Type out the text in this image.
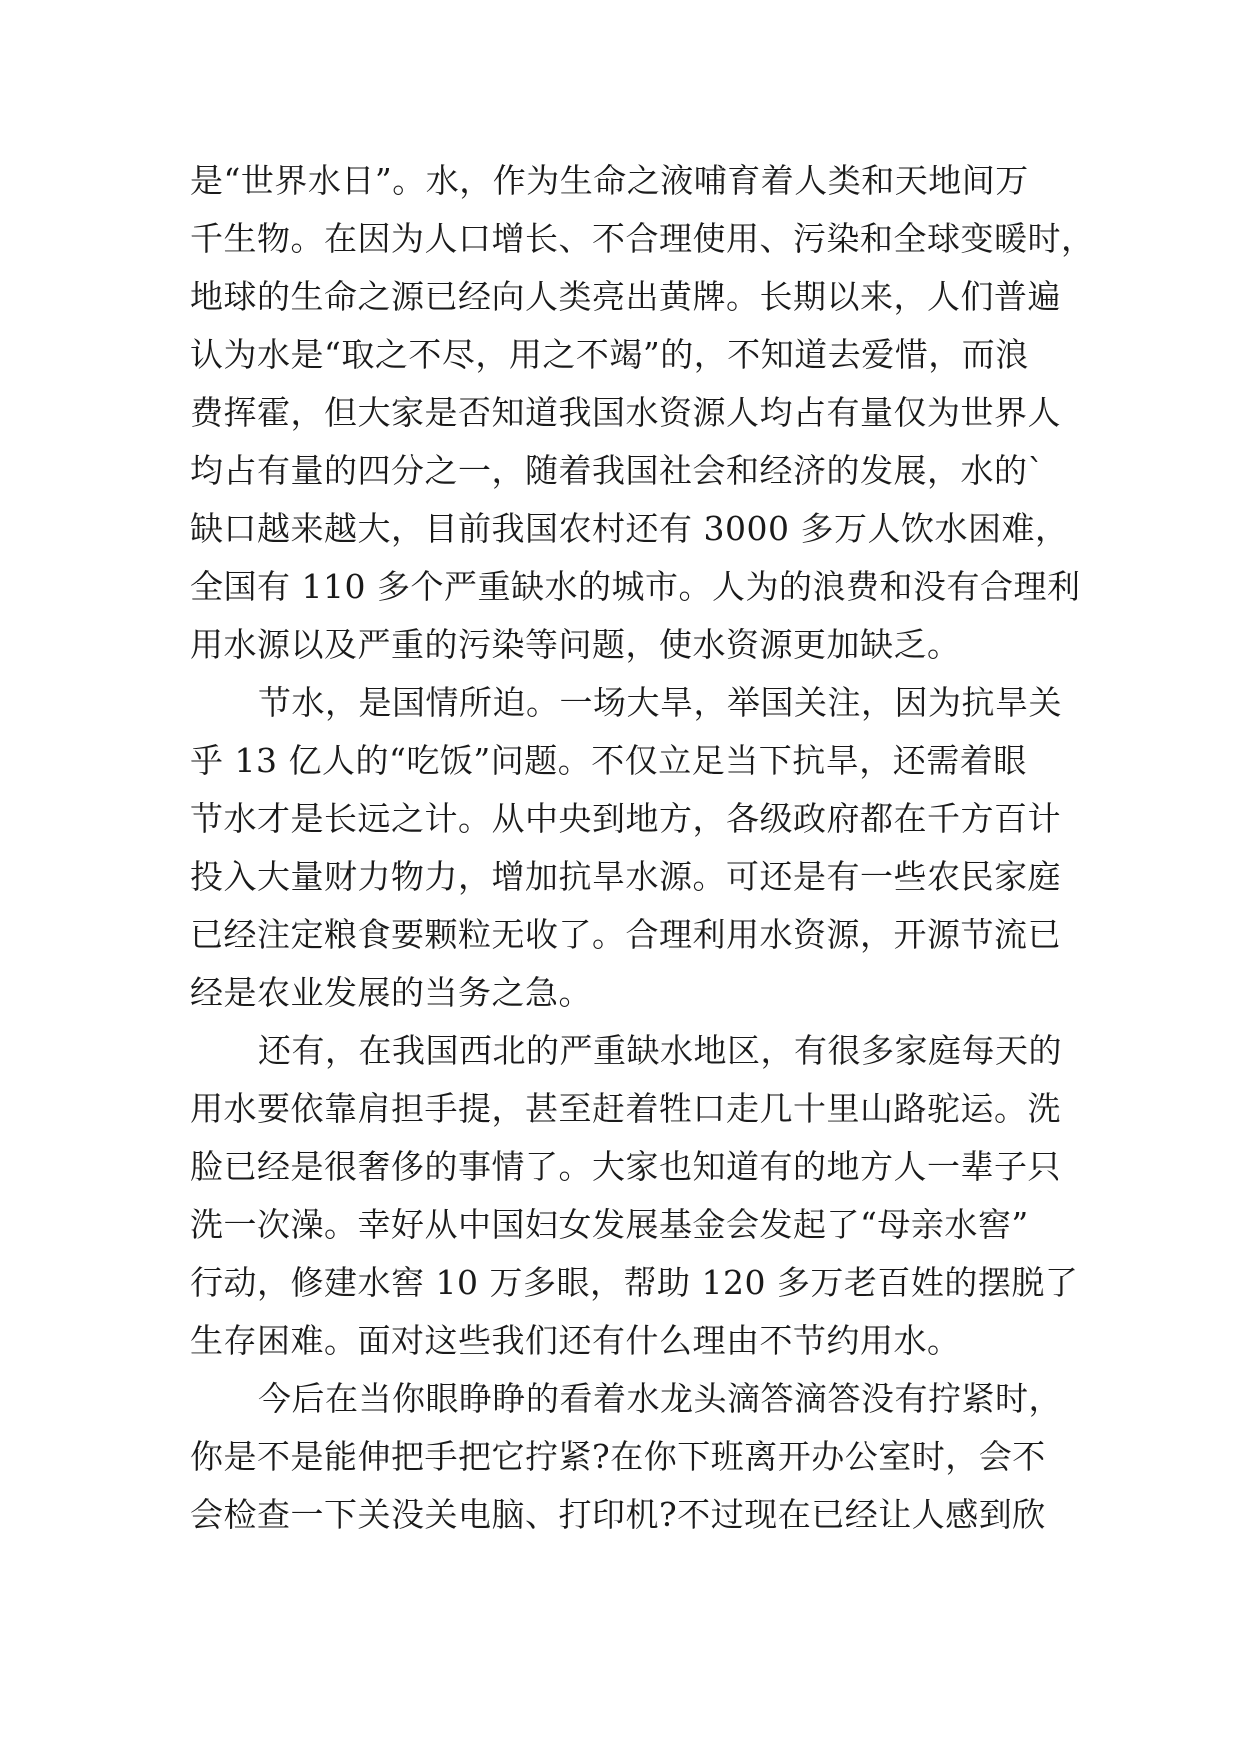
是“世界水日”。水，作为生命之液哺育着人类和天地间万
千生物。在因为人口增长、不合理使用、污染和全球变暖时，
地球的生命之源已经向人类亮出黄牌。长期以来，人们普遍
认为水是“取之不尽，用之不竭”的，不知道去爱惜，而浪
费挥霍，但大家是否知道我国水资源人均占有量仅为世界人
均占有量的四分之一，随着我国社会和经济的发展，水的`
缺口越来越大，目前我国农村还有 3000 多万人饮水困难，
全国有 110 多个严重缺水的城市。人为的浪费和没有合理利
用水源以及严重的污染等问题，使水资源更加缺乏。
节水，是国情所迫。一场大旱，举国关注，因为抗旱关
乎 13 亿人的“吃饭”问题。不仅立足当下抗旱，还需着眼
节水才是长远之计。从中央到地方，各级政府都在千方百计
投入大量财力物力，增加抗旱水源。可还是有一些农民家庭
已经注定粮食要颗粒无收了。合理利用水资源，开源节流已
经是农业发展的当务之急。
还有，在我国西北的严重缺水地区，有很多家庭每天的
用水要依靠肩担手提，甚至赶着牲口走几十里山路驼运。洗
脸已经是很奢侈的事情了。大家也知道有的地方人一辈子只
洗一次澡。幸好从中国妇女发展基金会发起了“母亲水窖”
行动，修建水窖 10 万多眼，帮助 120 多万老百姓的摆脱了
生存困难。面对这些我们还有什么理由不节约用水。
今后在当你眼睁睁的看着水龙头滴答滴答没有拧紧时，
你是不是能伸把手把它拧紧?在你下班离开办公室时，会不
会检查一下关没关电脑、打印机?不过现在已经让人感到欣
